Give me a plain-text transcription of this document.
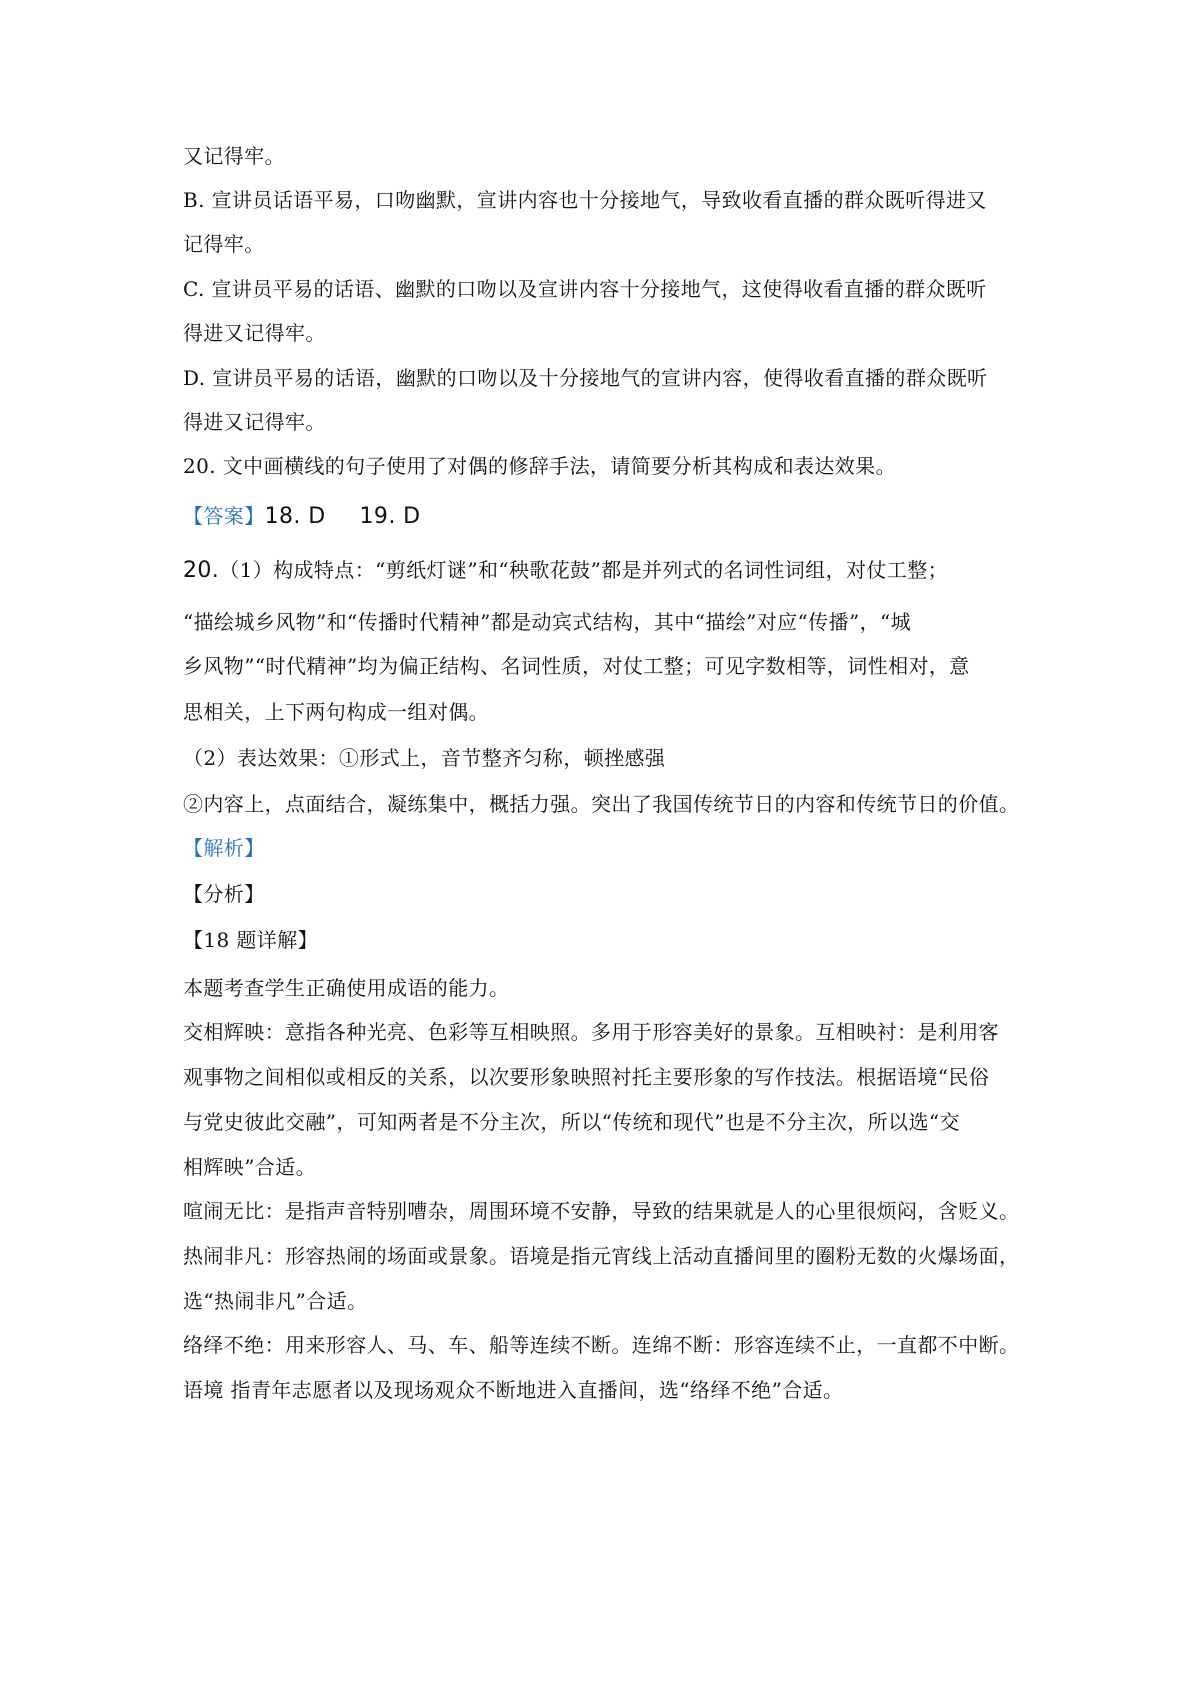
又记得牢。
B. 宣讲员话语平易，口吻幽默，宣讲内容也十分接地气，导致收看直播的群众既听得进又
记得牢。
C. 宣讲员平易的话语、幽默的口吻以及宣讲内容十分接地气，这使得收看直播的群众既听
得进又记得牢。
D. 宣讲员平易的话语，幽默的口吻以及十分接地气的宣讲内容，使得收看直播的群众既听
得进又记得牢。
20. 文中画横线的句子使用了对偶的修辞手法，请简要分析其构成和表达效果。
【答案】18. D 19. D
20.（1）构成特点：“剪纸灯谜”和“秧歌花鼓”都是并列式的名词性词组，对仗工整；
“描绘城乡风物”和“传播时代精神”都是动宾式结构，其中“描绘”对应“传播”，“城
乡风物”“时代精神”均为偏正结构、名词性质，对仗工整；可见字数相等，词性相对，意
思相关，上下两句构成一组对偶。
（2）表达效果：①形式上，音节整齐匀称，顿挫感强
②内容上，点面结合，凝练集中，概括力强。突出了我国传统节日的内容和传统节日的价值。
【解析】
【分析】
【18 题详解】
本题考查学生正确使用成语的能力。
交相辉映：意指各种光亮、色彩等互相映照。多用于形容美好的景象。互相映衬：是利用客
观事物之间相似或相反的关系，以次要形象映照衬托主要形象的写作技法。根据语境“民俗
与党史彼此交融”，可知两者是不分主次，所以“传统和现代”也是不分主次，所以选“交
相辉映”合适。
喧闹无比：是指声音特别嘈杂，周围环境不安静，导致的结果就是人的心里很烦闷，含贬义。
热闹非凡：形容热闹的场面或景象。语境是指元宵线上活动直播间里的圈粉无数的火爆场面，
选“热闹非凡”合适。
络绎不绝：用来形容人、马、车、船等连续不断。连绵不断：形容连续不止，一直都不中断。
语境 指青年志愿者以及现场观众不断地进入直播间，选“络绎不绝”合适。
